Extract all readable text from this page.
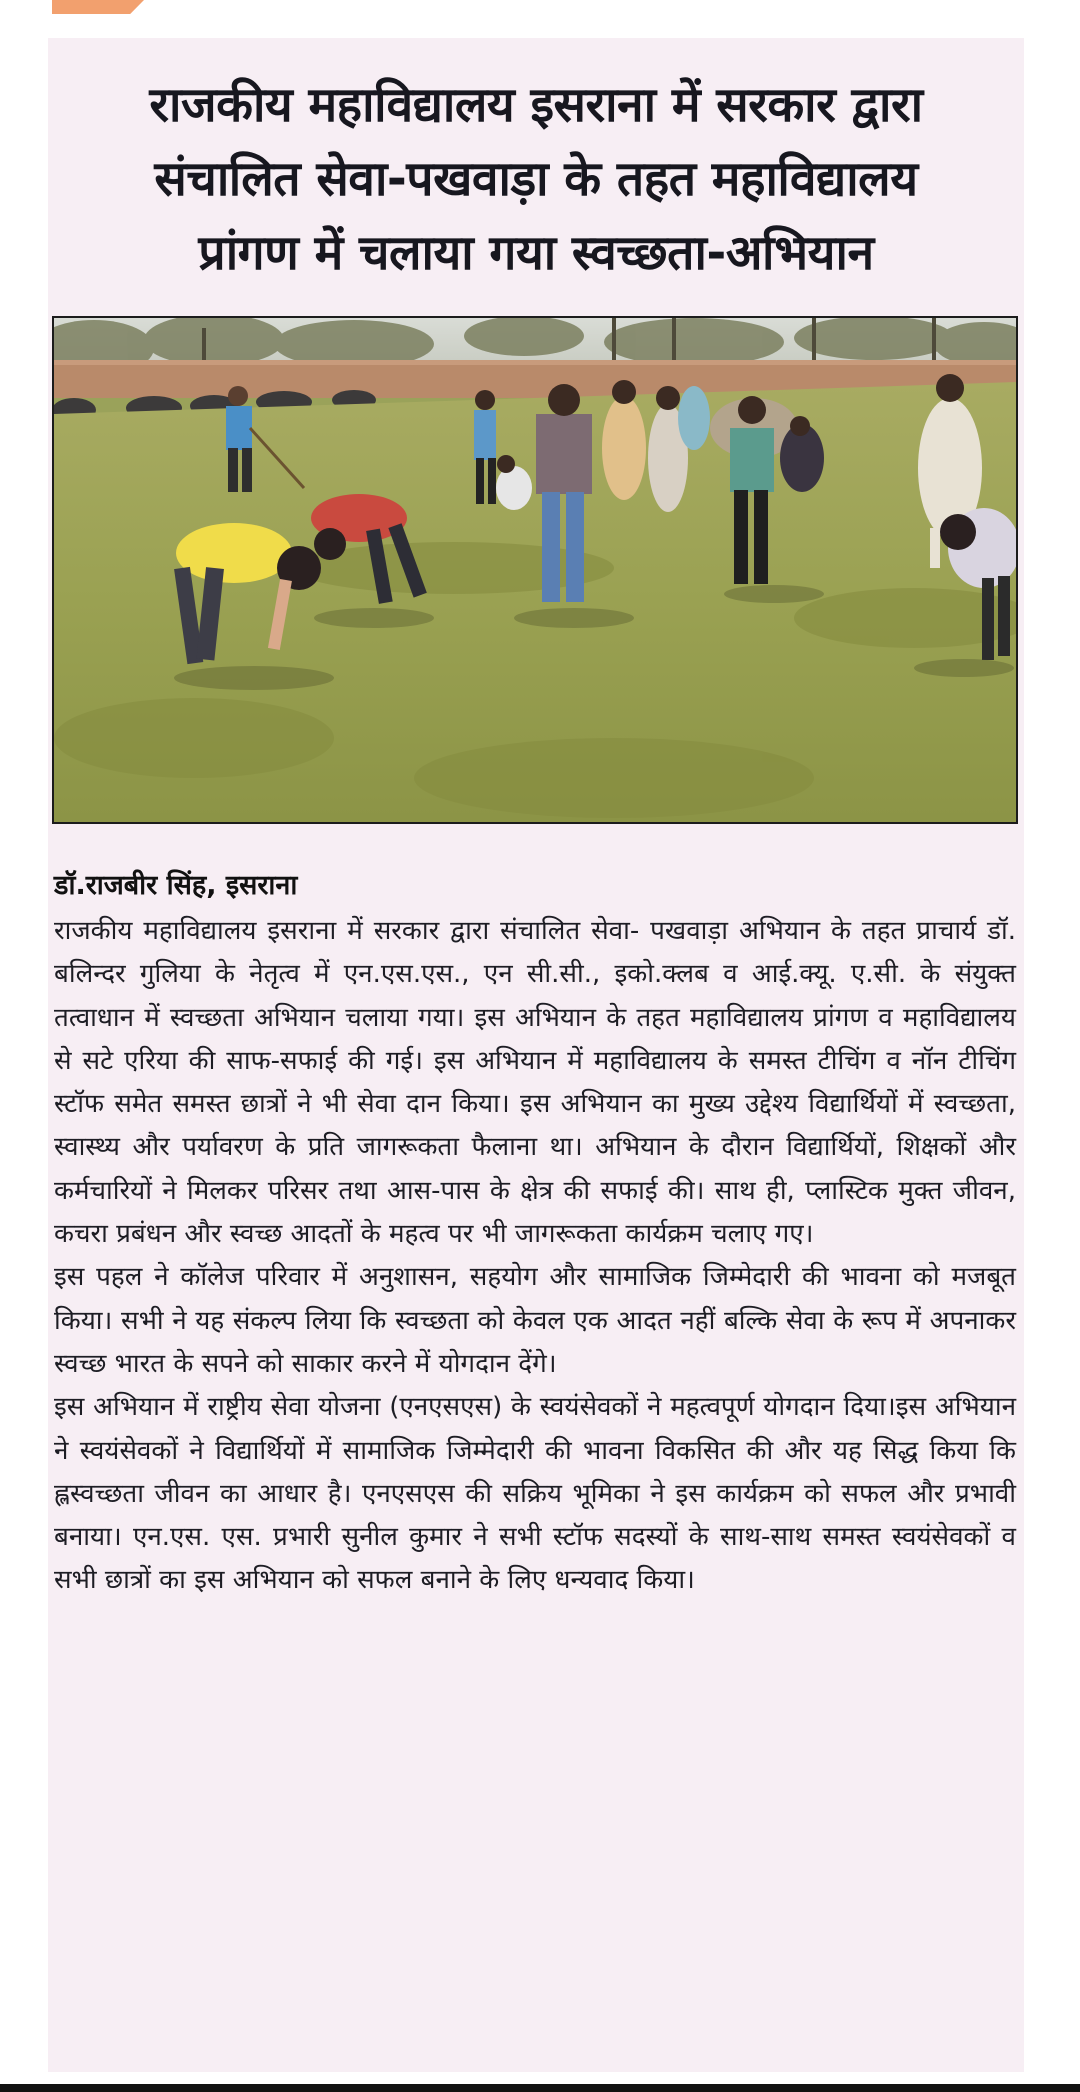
राजकीय महाविद्यालय इसराना में सरकार द्वारा
संचालित सेवा-पखवाड़ा के तहत महाविद्यालय
प्रांगण में चलाया गया स्वच्छता-अभियान

डॉ.राजबीर सिंह, इसराना

राजकीय महाविद्यालय इसराना में सरकार द्वारा संचालित सेवा- पखवाड़ा अभियान के तहत प्राचार्य डॉ. बलिन्दर गुलिया के नेतृत्व में एन.एस.एस., एन सी.सी., इको.क्लब व आई.क्यू. ए.सी. के संयुक्त तत्वाधान में स्वच्छता अभियान चलाया गया। इस अभियान के तहत महाविद्यालय प्रांगण व महाविद्यालय से सटे एरिया की साफ-सफाई की गई। इस अभियान में महाविद्यालय के समस्त टीचिंग व नॉन टीचिंग स्टॉफ समेत समस्त छात्रों ने भी सेवा दान किया। इस अभियान का मुख्य उद्देश्य विद्यार्थियों में स्वच्छता, स्वास्थ्य और पर्यावरण के प्रति जागरूकता फैलाना था। अभियान के दौरान विद्यार्थियों, शिक्षकों और कर्मचारियों ने मिलकर परिसर तथा आस-पास के क्षेत्र की सफाई की। साथ ही, प्लास्टिक मुक्त जीवन, कचरा प्रबंधन और स्वच्छ आदतों के महत्व पर भी जागरूकता कार्यक्रम चलाए गए।

इस पहल ने कॉलेज परिवार में अनुशासन, सहयोग और सामाजिक जिम्मेदारी की भावना को मजबूत किया। सभी ने यह संकल्प लिया कि स्वच्छता को केवल एक आदत नहीं बल्कि सेवा के रूप में अपनाकर स्वच्छ भारत के सपने को साकार करने में योगदान देंगे।

इस अभियान में राष्ट्रीय सेवा योजना (एनएसएस) के स्वयंसेवकों ने महत्वपूर्ण योगदान दिया।इस अभियान ने स्वयंसेवकों ने विद्यार्थियों में सामाजिक जिम्मेदारी की भावना विकसित की और यह सिद्ध किया कि ह्लस्वच्छता जीवन का आधार है। एनएसएस की सक्रिय भूमिका ने इस कार्यक्रम को सफल और प्रभावी बनाया। एन.एस. एस. प्रभारी सुनील कुमार ने सभी स्टॉफ सदस्यों के साथ-साथ समस्त स्वयंसेवकों व सभी छात्रों का इस अभियान को सफल बनाने के लिए धन्यवाद किया।
